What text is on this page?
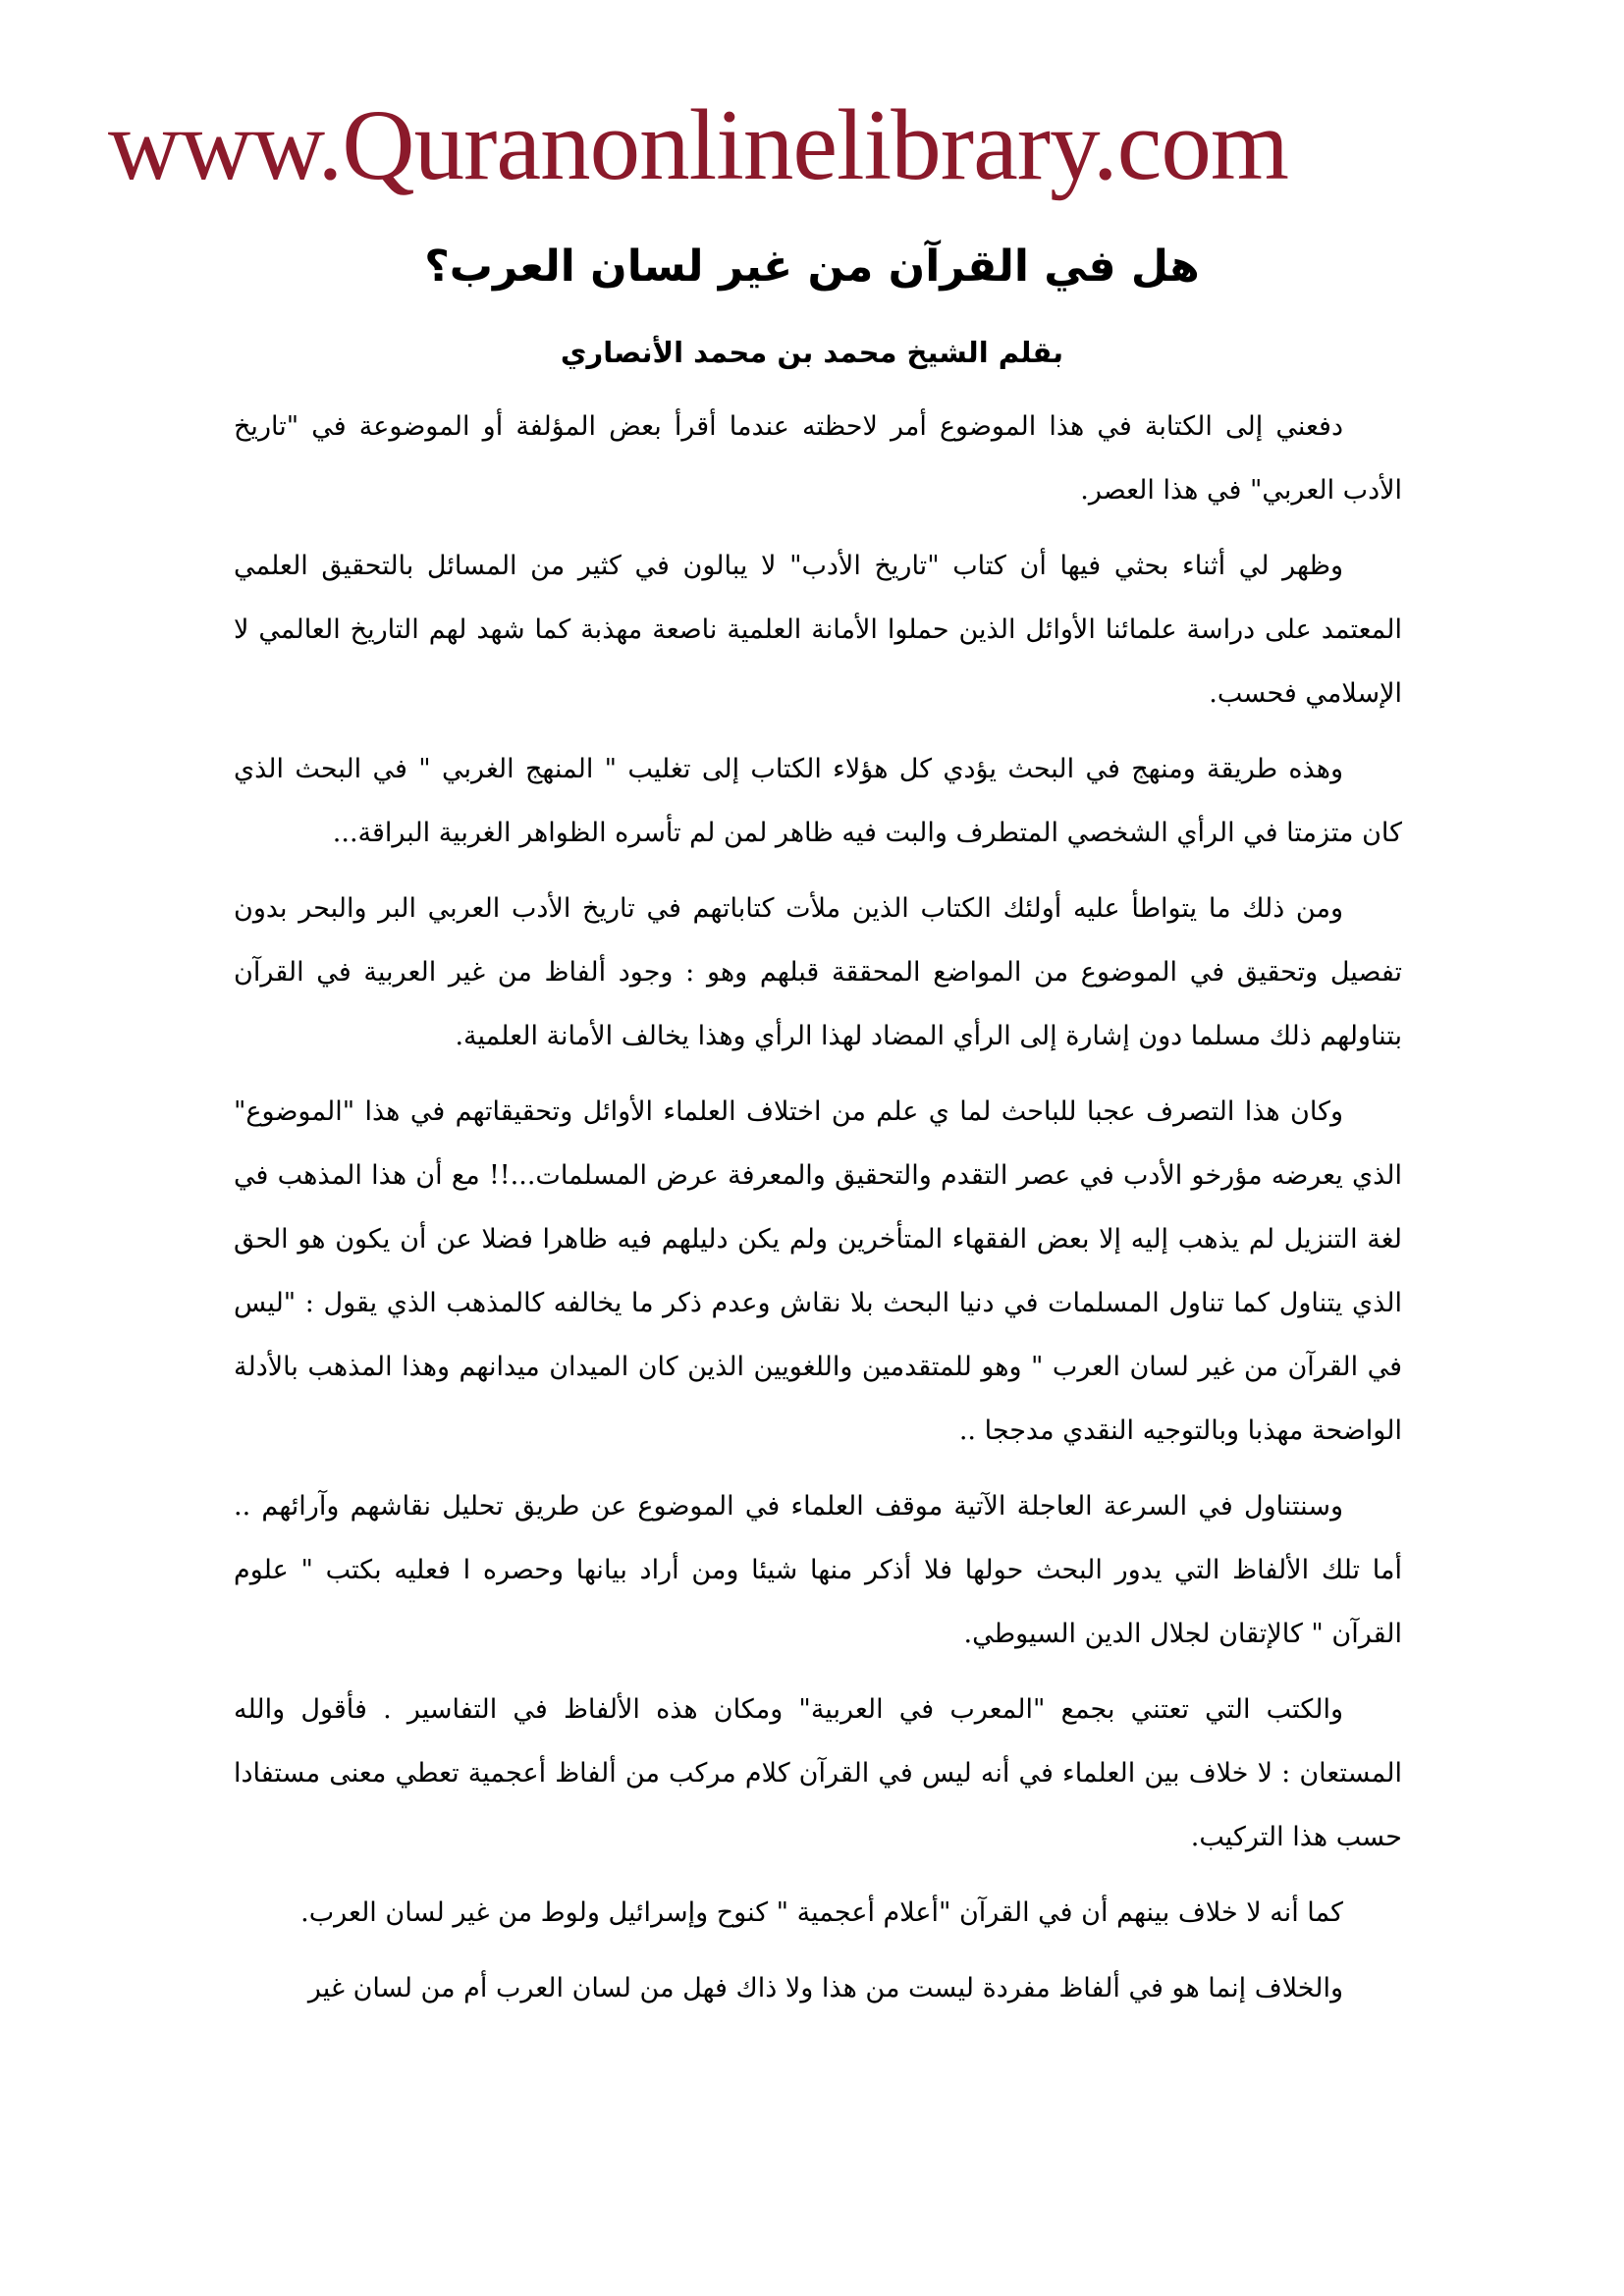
www.Quranonlinelibrary.com
هل في القرآن من غير لسان العرب؟
بقلم الشيخ محمد بن محمد الأنصاري

دفعني إلى الكتابة في هذا الموضوع أمر لاحظته عندما أقرأ بعض المؤلفة أو الموضوعة في "تاريخ الأدب العربي" في هذا العصر.

وظهر لي أثناء بحثي فيها أن كتاب "تاريخ الأدب" لا يبالون في كثير من المسائل بالتحقيق العلمي المعتمد على دراسة علمائنا الأوائل الذين حملوا الأمانة العلمية ناصعة مهذبة كما شهد لهم التاريخ العالمي لا الإسلامي فحسب.

وهذه طريقة ومنهج في البحث يؤدي كل هؤلاء الكتاب إلى تغليب " المنهج الغربي " في البحث الذي كان متزمتا في الرأي الشخصي المتطرف والبت فيه ظاهر لمن لم تأسره الظواهر الغربية البراقة...

ومن ذلك ما يتواطأ عليه أولئك الكتاب الذين ملأت كتاباتهم في تاريخ الأدب العربي البر والبحر بدون تفصيل وتحقيق في الموضوع من المواضع المحققة قبلهم وهو : وجود ألفاظ من غير العربية في القرآن بتناولهم ذلك مسلما دون إشارة إلى الرأي المضاد لهذا الرأي وهذا يخالف الأمانة العلمية.

وكان هذا التصرف عجبا للباحث لما ي علم من اختلاف العلماء الأوائل وتحقيقاتهم في هذا "الموضوع" الذي يعرضه مؤرخو الأدب في عصر التقدم والتحقيق والمعرفة عرض المسلمات...!! مع أن هذا المذهب في لغة التنزيل لم يذهب إليه إلا بعض الفقهاء المتأخرين ولم يكن دليلهم فيه ظاهرا فضلا عن أن يكون هو الحق الذي يتناول كما تناول المسلمات في دنيا البحث بلا نقاش وعدم ذكر ما يخالفه كالمذهب الذي يقول : "ليس في القرآن من غير لسان العرب " وهو للمتقدمين واللغويين الذين كان الميدان ميدانهم وهذا المذهب بالأدلة الواضحة مهذبا وبالتوجيه النقدي مدججا ..

وسنتناول في السرعة العاجلة الآتية موقف العلماء في الموضوع عن طريق تحليل نقاشهم وآرائهم .. أما تلك الألفاظ التي يدور البحث حولها فلا أذكر منها شيئا ومن أراد بيانها وحصره ا فعليه بكتب " علوم القرآن " كالإتقان لجلال الدين السيوطي.

والكتب التي تعتني بجمع "المعرب في العربية" ومكان هذه الألفاظ في التفاسير . فأقول والله المستعان : لا خلاف بين العلماء في أنه ليس في القرآن كلام مركب من ألفاظ أعجمية تعطي معنى مستفادا حسب هذا التركيب.

كما أنه لا خلاف بينهم أن في القرآن "أعلام أعجمية " كنوح وإسرائيل ولوط من غير لسان العرب.

والخلاف إنما هو في ألفاظ مفردة ليست من هذا ولا ذاك فهل من لسان العرب أم من لسان غير
